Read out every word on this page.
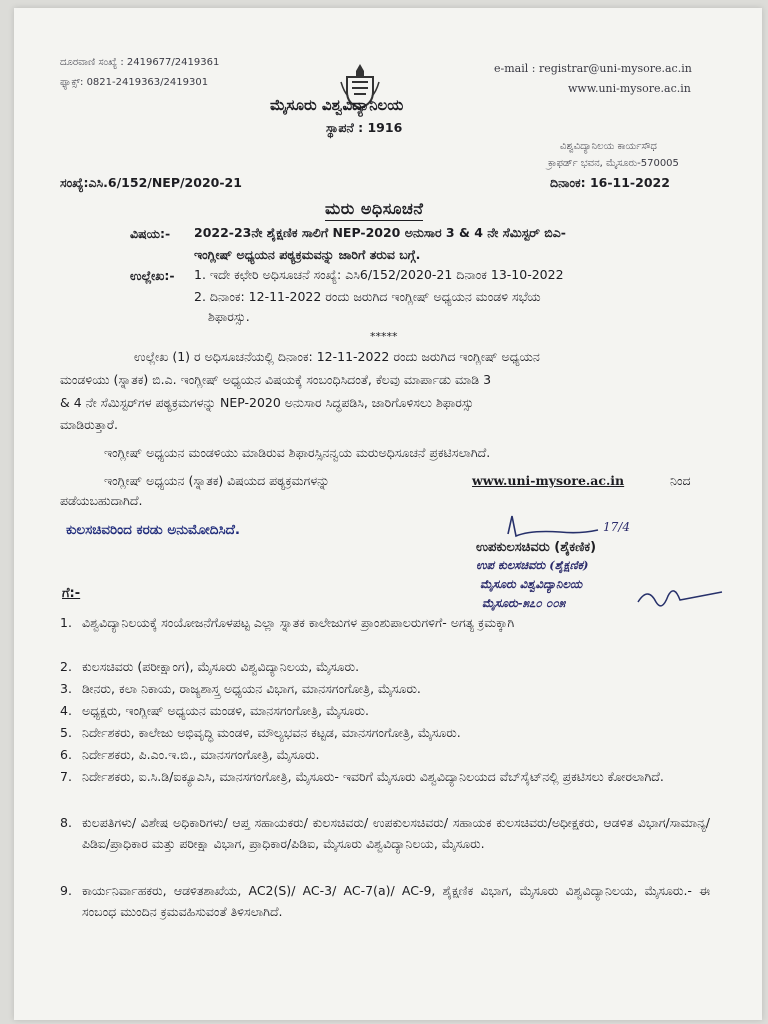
ದೂರವಾಣಿ ಸಂಖ್ಯೆ : 2419677/2419361
ಫ್ಯಾಕ್ಸ್: 0821-2419363/2419301
e-mail : registrar@uni-mysore.ac.in
www.uni-mysore.ac.in
ಮೈಸೂರು ವಿಶ್ವವಿದ್ಯಾನಿಲಯ
ಸ್ಥಾಪನೆ : 1916
ವಿಶ್ವವಿದ್ಯಾನಿಲಯ ಕಾರ್ಯಸೌಧ
ಕ್ರಾಫರ್ಡ್ ಭವನ, ಮೈಸೂರು-570005
ಸಂಖ್ಯೆ:ಎಸಿ.6/152/NEP/2020-21	ದಿನಾಂಕ: 16-11-2022
ಮರು ಅಧಿಸೂಚನೆ
ವಿಷಯ:- 2022-23ನೇ ಶೈಕ್ಷಣಿಕ ಸಾಲಿಗೆ NEP-2020 ಅನುಸಾರ 3 & 4 ನೇ ಸೆಮಿಸ್ಟರ್ ಬಿಎ-
ಇಂಗ್ಲೀಷ್ ಅಧ್ಯಯನ ಪಠ್ಯಕ್ರಮವನ್ನು ಜಾರಿಗೆ ತರುವ ಬಗ್ಗೆ.
ಉಲ್ಲೇಖ:- 1. ಇದೇ ಕಛೇರಿ ಅಧಿಸೂಚನೆ ಸಂಖ್ಯೆ: ಎಸಿ6/152/2020-21 ದಿನಾಂಕ 13-10-2022
2. ದಿನಾಂಕ: 12-11-2022 ರಂದು ಜರುಗಿದ ಇಂಗ್ಲೀಷ್ ಅಧ್ಯಯನ ಮಂಡಳಿ ಸಭೆಯ
ಶಿಫಾರಸ್ಸು.
*****
ಉಲ್ಲೇಖ (1) ರ ಅಧಿಸೂಚನೆಯಲ್ಲಿ ದಿನಾಂಕ: 12-11-2022 ರಂದು ಜರುಗಿದ ಇಂಗ್ಲೀಷ್ ಅಧ್ಯಯನ
ಮಂಡಳಿಯು (ಸ್ನಾತಕ) ಬಿ.ಎ. ಇಂಗ್ಲೀಷ್ ಅಧ್ಯಯನ ವಿಷಯಕ್ಕೆ ಸಂಬಂಧಿಸಿದಂತೆ, ಕೆಲವು ಮಾರ್ಪಾಡು ಮಾಡಿ 3
& 4 ನೇ ಸೆಮಿಸ್ಟರ್‌ಗಳ ಪಠ್ಯಕ್ರಮಗಳನ್ನು NEP-2020 ಅನುಸಾರ ಸಿದ್ಧಪಡಿಸಿ, ಜಾರಿಗೊಳಿಸಲು ಶಿಫಾರಸ್ಸು
ಮಾಡಿರುತ್ತಾರೆ.
ಇಂಗ್ಲೀಷ್ ಅಧ್ಯಯನ ಮಂಡಳಿಯು ಮಾಡಿರುವ ಶಿಫಾರಸ್ಸಿನನ್ವಯ ಮರುಅಧಿಸೂಚನೆ ಪ್ರಕಟಿಸಲಾಗಿದೆ.
ಇಂಗ್ಲೀಷ್ ಅಧ್ಯಯನ (ಸ್ನಾತಕ) ವಿಷಯದ ಪಠ್ಯಕ್ರಮಗಳನ್ನು	www.uni-mysore.ac.in	ನಿಂದ
ಪಡೆಯಬಹುದಾಗಿದೆ.
ಕುಲಸಚಿವರಿಂದ ಕರಡು ಅನುಮೋದಿಸಿದೆ.	17/4
ಉಪಕುಲಸಚಿವರು (ಶೈಕಣಿಕ)
ಉಪ ಕುಲಸಚಿವರು (ಶೈಕ್ಷಣಿಕ)
ಮೈಸೂರು ವಿಶ್ವವಿದ್ಯಾನಿಲಯ
ಮೈಸೂರು-೫೭೦ ೦೦೫
ಗೆ:-
1. ವಿಶ್ವವಿದ್ಯಾನಿಲಯಕ್ಕೆ ಸಂಯೋಜನೆಗೊಳಪಟ್ಟ ಎಲ್ಲಾ ಸ್ನಾತಕ ಕಾಲೇಜುಗಳ ಪ್ರಾಂಶುಪಾಲರುಗಳಿಗೆ- ಅಗತ್ಯ ಕ್ರಮಕ್ಕಾಗಿ
2. ಕುಲಸಚಿವರು (ಪರೀಕ್ಷಾಂಗ), ಮೈಸೂರು ವಿಶ್ವವಿದ್ಯಾನಿಲಯ, ಮೈಸೂರು.
3. ಡೀನರು, ಕಲಾ ನಿಕಾಯ, ರಾಜ್ಯಶಾಸ್ತ್ರ ಅಧ್ಯಯನ ವಿಭಾಗ, ಮಾನಸಗಂಗೋತ್ರಿ, ಮೈಸೂರು.
4. ಅಧ್ಯಕ್ಷರು, ಇಂಗ್ಲೀಷ್ ಅಧ್ಯಯನ ಮಂಡಳಿ, ಮಾನಸಗಂಗೋತ್ರಿ, ಮೈಸೂರು.
5. ನಿರ್ದೇಶಕರು, ಕಾಲೇಜು ಅಭಿವೃದ್ಧಿ ಮಂಡಳಿ, ಮೌಲ್ಯಭವನ ಕಟ್ಟಡ, ಮಾನಸಗಂಗೋತ್ರಿ, ಮೈಸೂರು.
6. ನಿರ್ದೇಶಕರು, ಪಿ.ಎಂ.ಇ.ಬಿ., ಮಾನಸಗಂಗೋತ್ರಿ, ಮೈಸೂರು.
7. ನಿರ್ದೇಶಕರು, ಐ.ಸಿ.ಡಿ/ಐಕ್ಯೂಎಸಿ, ಮಾನಸಗಂಗೋತ್ರಿ, ಮೈಸೂರು- ಇವರಿಗೆ ಮೈಸೂರು ವಿಶ್ವವಿದ್ಯಾನಿಲಯದ ವೆಬ್‌ಸೈಟ್‌ನಲ್ಲಿ ಪ್ರಕಟಿಸಲು ಕೋರಲಾಗಿದೆ.
8. ಕುಲಪತಿಗಳು/ ವಿಶೇಷ ಅಧಿಕಾರಿಗಳು/ ಆಪ್ತ ಸಹಾಯಕರು/ ಕುಲಸಚಿವರು/ ಉಪಕುಲಸಚಿವರು/ ಸಹಾಯಕ ಕುಲಸಚಿವರು/ಅಧೀಕ್ಷಕರು, ಆಡಳಿತ ವಿಭಾಗ/ಸಾಮಾನ್ಯ/ಪಿಡಿಐ/ಪ್ರಾಧಿಕಾರ ಮತ್ತು ಪರೀಕ್ಷಾ ವಿಭಾಗ, ಪ್ರಾಧಿಕಾರ/ಪಿಡಿಐ, ಮೈಸೂರು ವಿಶ್ವವಿದ್ಯಾನಿಲಯ, ಮೈಸೂರು.
9. ಕಾರ್ಯನಿರ್ವಾಹಕರು, ಆಡಳಿತಶಾಖೆಯ, AC2(S)/ AC-3/ AC-7(a)/ AC-9, ಶೈಕ್ಷಣಿಕ ವಿಭಾಗ, ಮೈಸೂರು ವಿಶ್ವವಿದ್ಯಾನಿಲಯ, ಮೈಸೂರು.- ಈ ಸಂಬಂಧ ಮುಂದಿನ ಕ್ರಮವಹಿಸುವಂತೆ ತಿಳಿಸಲಾಗಿದೆ.
